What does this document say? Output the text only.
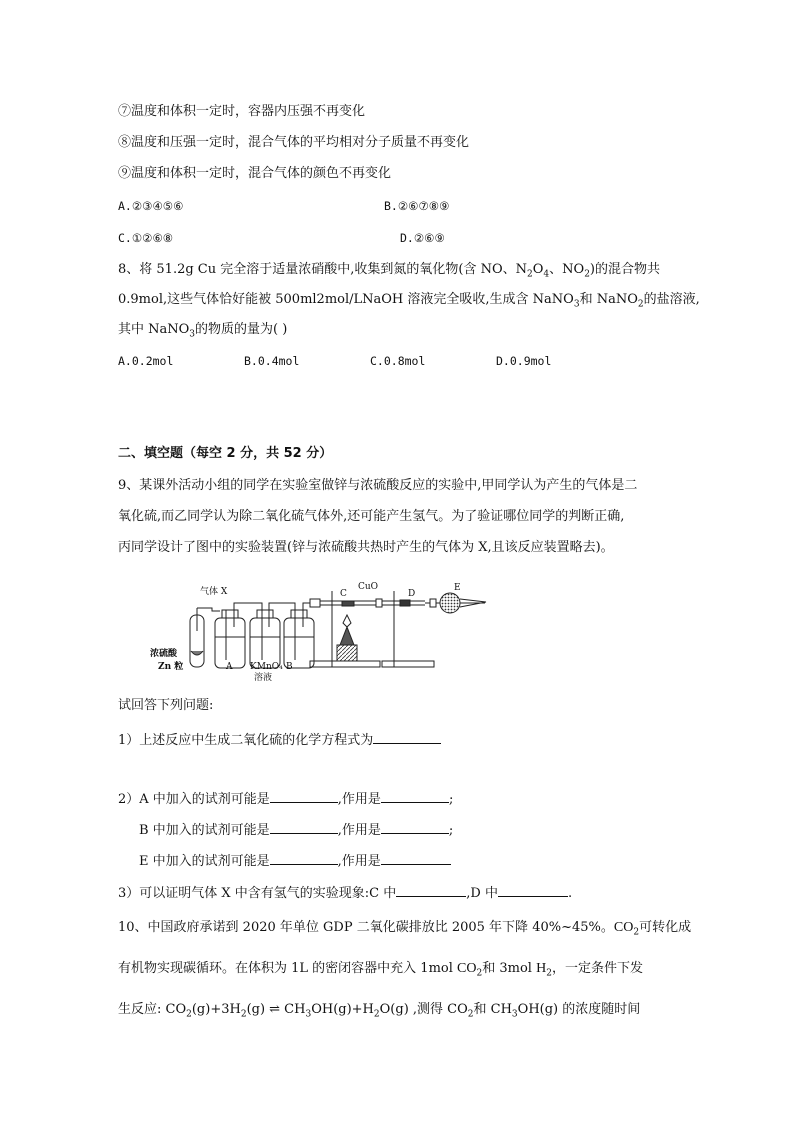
⑦温度和体积一定时，容器内压强不再变化
⑧温度和压强一定时，混合气体的平均相对分子质量不再变化
⑨温度和体积一定时，混合气体的颜色不再变化
A.②③④⑤⑥	B.②⑥⑦⑧⑨
C.①②⑥⑧	D.②⑥⑨
8、将 51.2g Cu 完全溶于适量浓硝酸中,收集到氮的氧化物(含 NO、$N_2O_4$、$NO_2$)的混合物共
0.9mol,这些气体恰好能被 500ml2mol/LNaOH 溶液完全吸收,生成含 NaNO$_3$和 NaNO$_2$的盐溶液,
其中 NaNO$_3$的物质的量为( )
A.0.2mol	B.0.4mol	C.0.8mol	D.0.9mol
二、填空题（每空 2 分，共 52 分）
9、某课外活动小组的同学在实验室做锌与浓硫酸反应的实验中,甲同学认为产生的气体是二
氧化硫,而乙同学认为除二氧化硫气体外,还可能产生氢气。为了验证哪位同学的判断正确,
丙同学设计了图中的实验装置(锌与浓硫酸共热时产生的气体为 X,且该反应装置略去)。
气体 X	CuO
C	D
E
浓硫酸
Zn 粒	A KMnO₄
溶液
B
试回答下列问题:
1）上述反应中生成二氧化硫的化学方程式为
2）A 中加入的试剂可能是	,作用是	;
B 中加入的试剂可能是	,作用是	;
E 中加入的试剂可能是	,作用是
3）可以证明气体 X 中含有氢气的实验现象:C 中	,D 中	.
10、中国政府承诺到 2020 年单位 GDP 二氧化碳排放比 2005 年下降 40%~45%。$CO_2$可转化成
有机物实现碳循环。在体积为 1L 的密闭容器中充入 1mol $CO_2$和 3mol $H_2$，一定条件下发
生反应: $CO_2(g)+3H_2(g)$ ⇌ $CH_3OH(g)+H_2O(g)$ ,测得 $CO_2$和 $CH_3OH(g)$ 的浓度随时间
